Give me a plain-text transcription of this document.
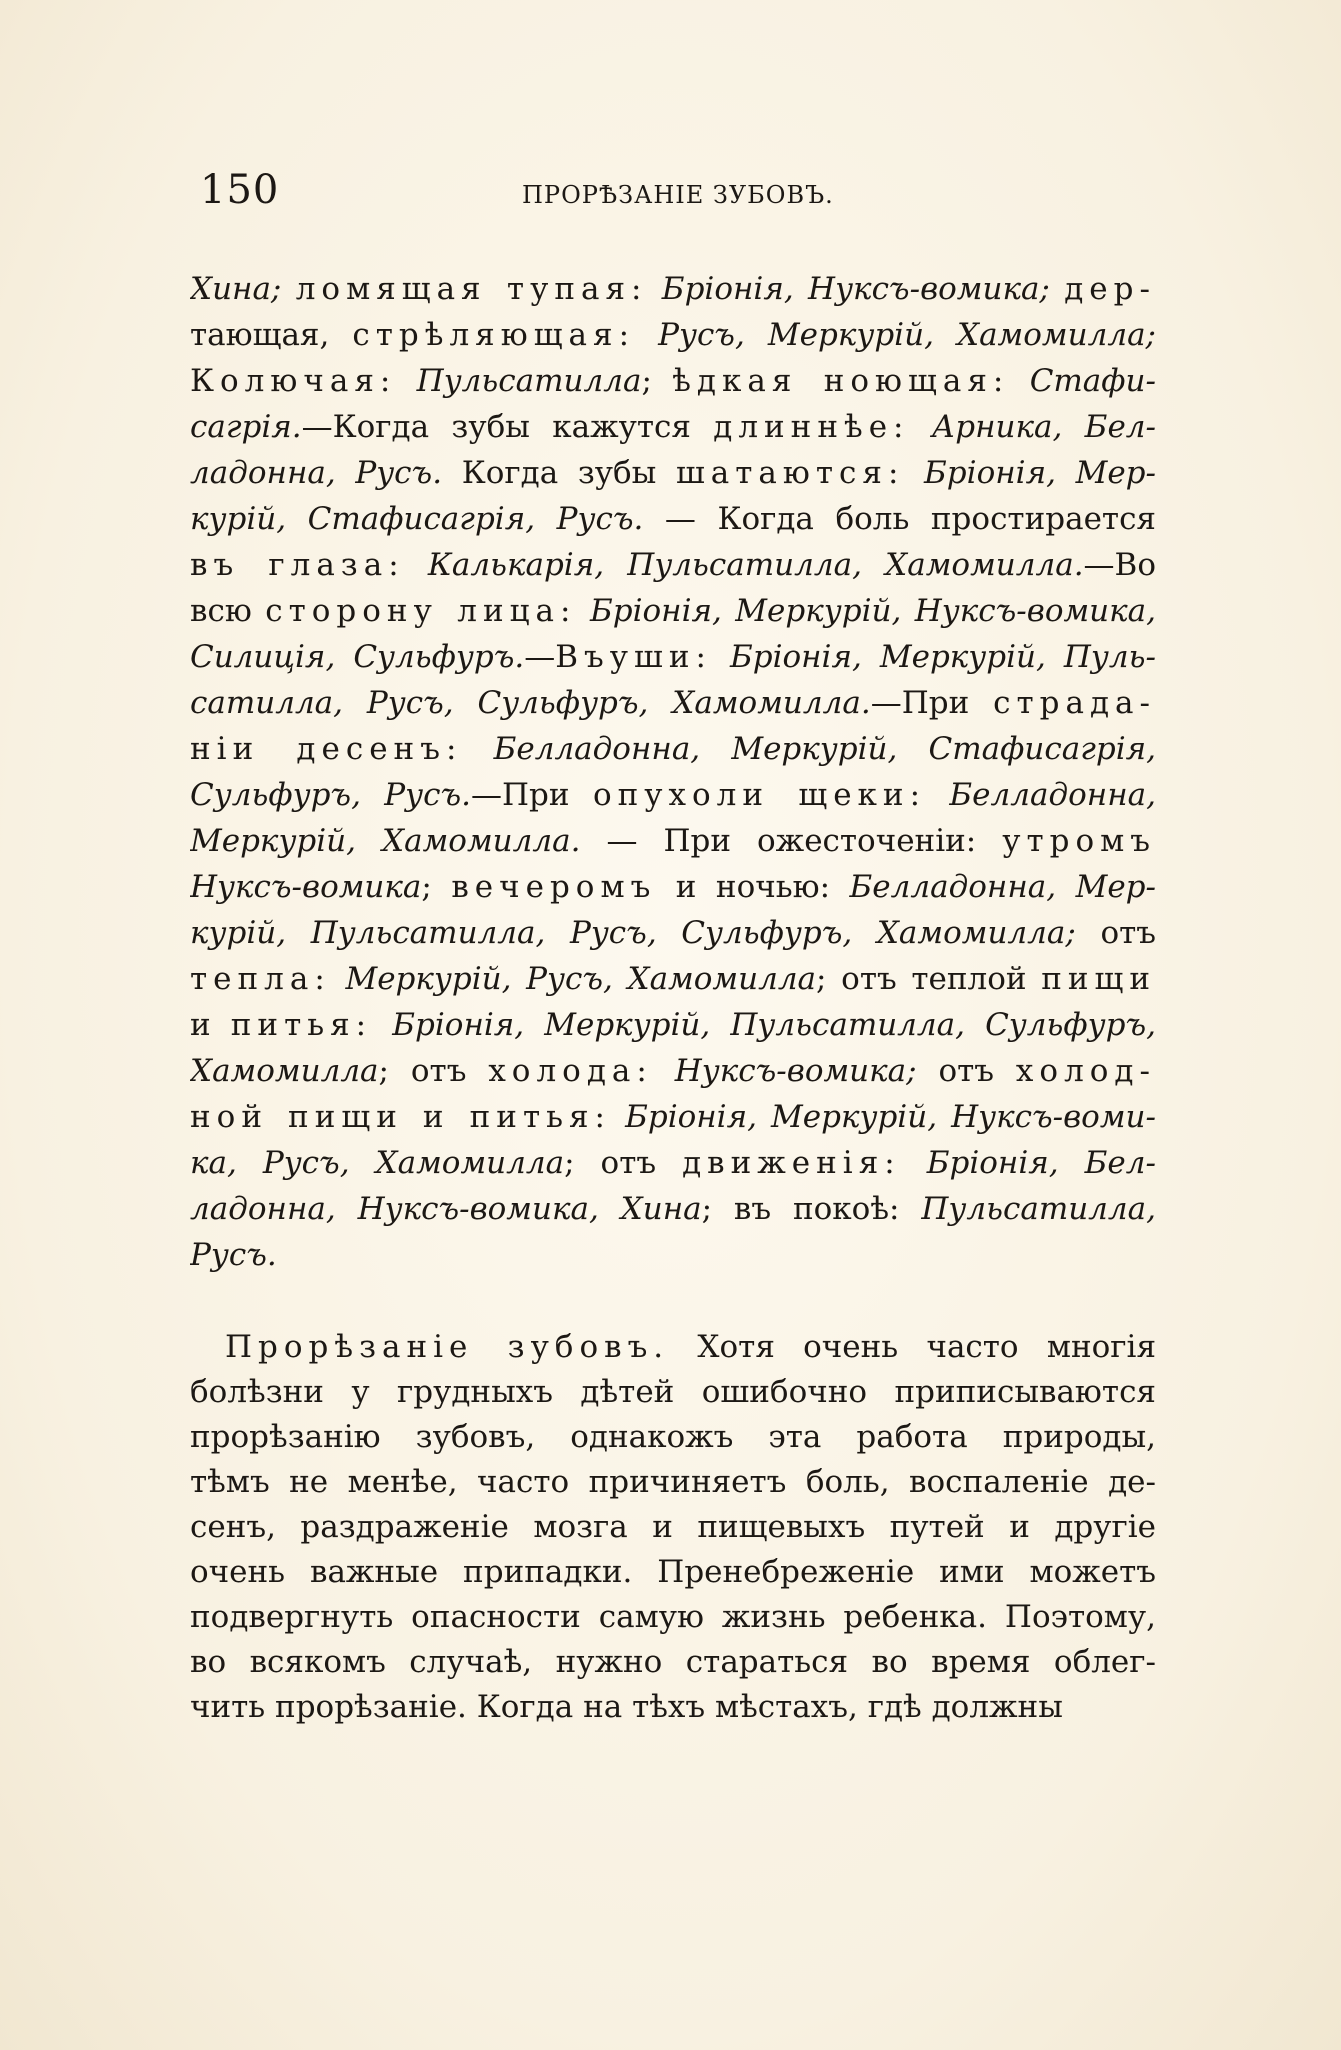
150	ПРОРѢЗАНІЕ ЗУБОВЪ.
Хина; ломящая тупая: Бріонія, Нуксъ-вомика; дер-
тающая, стрѣляющая: Русъ, Меркурій, Хамомилла;
Колючая: Пульсатилла; ѣдкая ноющая: Стафи-
сагрія.—Когда зубы кажутся длиннѣе: Арника, Бел-
ладонна, Русъ. Когда зубы шатаются: Бріонія, Мер-
курій, Стафисагрія, Русъ. — Когда боль простирается
въ глаза: Калькарія, Пульсатилла, Хамомилла.—Во
всю сторону лица: Бріонія, Меркурій, Нуксъ-вомика,
Силиція, Сульфуръ.—Въуши: Бріонія, Меркурій, Пуль-
сатилла, Русъ, Сульфуръ, Хамомилла.—При страда-
ніи десенъ: Белладонна, Меркурій, Стафисагрія,
Сульфуръ, Русъ.—При опухоли щеки: Белладонна,
Меркурій, Хамомилла. — При ожесточеніи: утромъ
Нуксъ-вомика; вечеромъ и ночью: Белладонна, Мер-
курій, Пульсатилла, Русъ, Сульфуръ, Хамомилла; отъ
тепла: Меркурій, Русъ, Хамомилла; отъ теплой пищи
и питья: Бріонія, Меркурій, Пульсатилла, Сульфуръ,
Хамомилла; отъ холода: Нуксъ-вомика; отъ холод-
ной пищи и питья: Бріонія, Меркурій, Нуксъ-воми-
ка, Русъ, Хамомилла; отъ движенія: Бріонія, Бел-
ладонна, Нуксъ-вомика, Хина; въ покоѣ: Пульсатилла,
Русъ.
Прорѣзаніе зубовъ. Хотя очень часто многія
болѣзни у грудныхъ дѣтей ошибочно приписываются
прорѣзанію зубовъ, однакожъ эта работа природы,
тѣмъ не менѣе, часто причиняетъ боль, воспаленіе де-
сенъ, раздраженіе мозга и пищевыхъ путей и другіе
очень важные припадки. Пренебреженіе ими можетъ
подвергнуть опасности самую жизнь ребенка. Поэтому,
во всякомъ случаѣ, нужно стараться во время облег-
чить прорѣзаніе. Когда на тѣхъ мѣстахъ, гдѣ должны
